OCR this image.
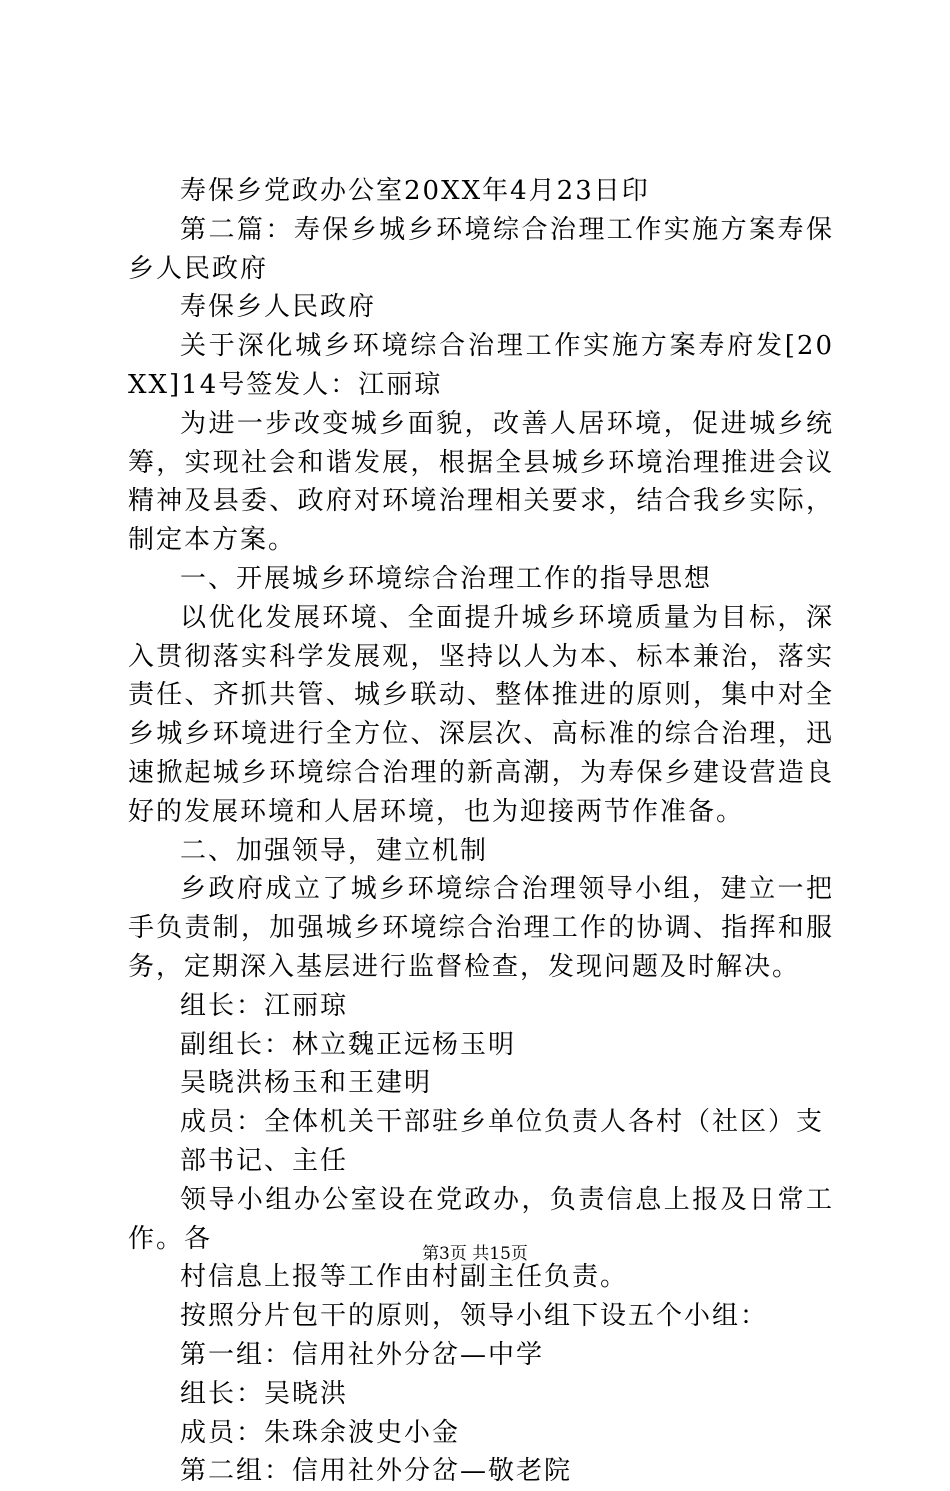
寿保乡党政办公室20XX年4月23日印

第二篇：寿保乡城乡环境综合治理工作实施方案寿保乡人民政府

寿保乡人民政府

关于深化城乡环境综合治理工作实施方案寿府发[20XX]14号签发人：江丽琼

为进一步改变城乡面貌，改善人居环境，促进城乡统筹，实现社会和谐发展，根据全县城乡环境治理推进会议精神及县委、政府对环境治理相关要求，结合我乡实际，制定本方案。

一、开展城乡环境综合治理工作的指导思想

以优化发展环境、全面提升城乡环境质量为目标，深入贯彻落实科学发展观，坚持以人为本、标本兼治，落实责任、齐抓共管、城乡联动、整体推进的原则，集中对全乡城乡环境进行全方位、深层次、高标准的综合治理，迅速掀起城乡环境综合治理的新高潮，为寿保乡建设营造良好的发展环境和人居环境，也为迎接两节作准备。

二、加强领导，建立机制

乡政府成立了城乡环境综合治理领导小组，建立一把手负责制，加强城乡环境综合治理工作的协调、指挥和服务，定期深入基层进行监督检查，发现问题及时解决。

组长：江丽琼

副组长：林立魏正远杨玉明

吴晓洪杨玉和王建明

成员：全体机关干部驻乡单位负责人各村（社区）支

部书记、主任

领导小组办公室设在党政办，负责信息上报及日常工作。各

村信息上报等工作由村副主任负责。

按照分片包干的原则，领导小组下设五个小组：

第一组：信用社外分岔—中学

组长：吴晓洪

成员：朱珠余波史小金

第二组：信用社外分岔—敬老院

第3页 共15页
